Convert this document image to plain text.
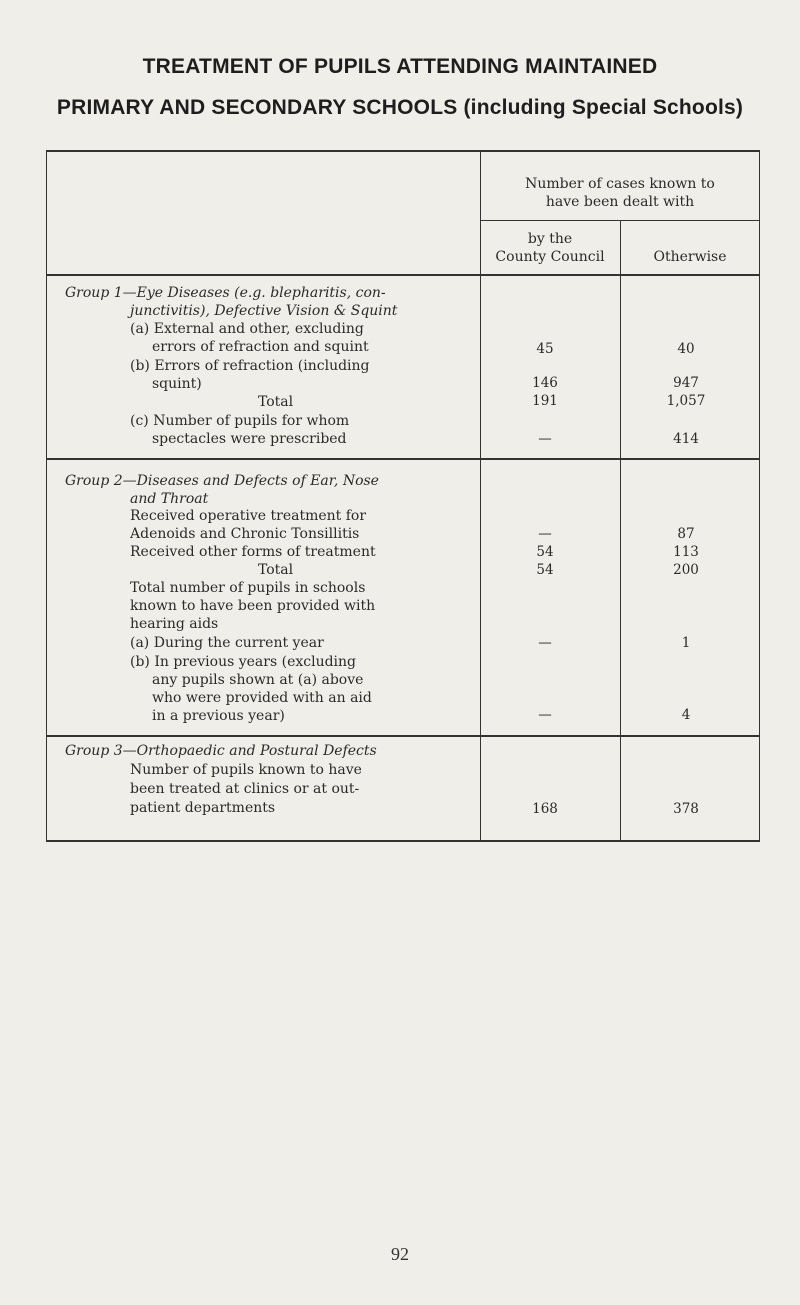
TREATMENT OF PUPILS ATTENDING MAINTAINED
PRIMARY AND SECONDARY SCHOOLS (including Special Schools)
Number of cases known to
have been dealt with
by the
County Council	Otherwise
Group 1—Eye Diseases (e.g. blepharitis, con-
junctivitis), Defective Vision & Squint
(a) External and other, excluding
errors of refraction and squint	45	40
(b) Errors of refraction (including
squint)	146	947
Total	191	1,057
(c) Number of pupils for whom
spectacles were prescribed	—	414
Group 2—Diseases and Defects of Ear, Nose
and Throat
Received operative treatment for
Adenoids and Chronic Tonsillitis	—	87
Received other forms of treatment	54	113
Total	54	200
Total number of pupils in schools
known to have been provided with
hearing aids
(a) During the current year	—	1
(b) In previous years (excluding
any pupils shown at (a) above
who were provided with an aid
in a previous year)	—	4
Group 3—Orthopaedic and Postural Defects
Number of pupils known to have
been treated at clinics or at out-
patient departments	168	378
92
